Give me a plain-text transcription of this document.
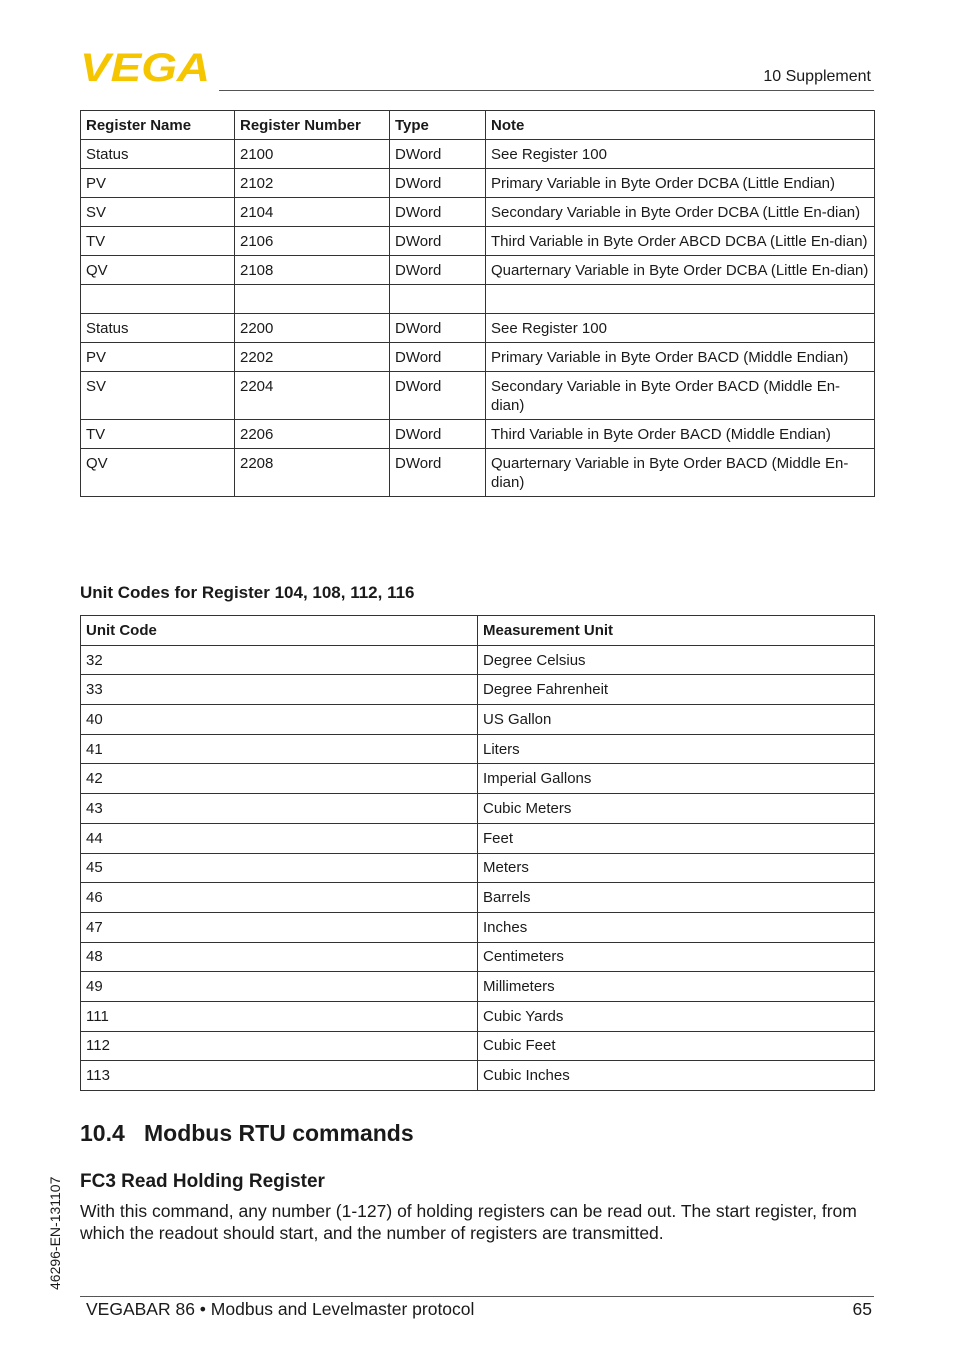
VEGA	10 Supplement
Register Name	Register Number	Type	Note
Status	2100	DWord	See Register 100
PV	2102	DWord	Primary Variable in Byte Order DCBA (Little Endian)
SV	2104	DWord	Secondary Variable in Byte Order DCBA (Little En-dian)
TV	2106	DWord	Third Variable in Byte Order ABCD DCBA (Little En-dian)
QV	2108	DWord	Quarternary Variable in Byte Order DCBA (Little En-dian)

Status	2200	DWord	See Register 100
PV	2202	DWord	Primary Variable in Byte Order BACD (Middle Endian)
SV	2204	DWord	Secondary Variable in Byte Order BACD (Middle En-dian)
TV	2206	DWord	Third Variable in Byte Order BACD (Middle Endian)
QV	2208	DWord	Quarternary Variable in Byte Order BACD (Middle En-dian)
Unit Codes for Register 104, 108, 112, 116
Unit Code	Measurement Unit
32	Degree Celsius
33	Degree Fahrenheit
40	US Gallon
41	Liters
42	Imperial Gallons
43	Cubic Meters
44	Feet
45	Meters
46	Barrels
47	Inches
48	Centimeters
49	Millimeters
111	Cubic Yards
112	Cubic Feet
113	Cubic Inches
10.4 Modbus RTU commands
FC3 Read Holding Register
With this command, any number (1-127) of holding registers can be read out. The start register, from which the readout should start, and the number of registers are transmitted.
46296-EN-131107
VEGABAR 86 • Modbus and Levelmaster protocol	65
